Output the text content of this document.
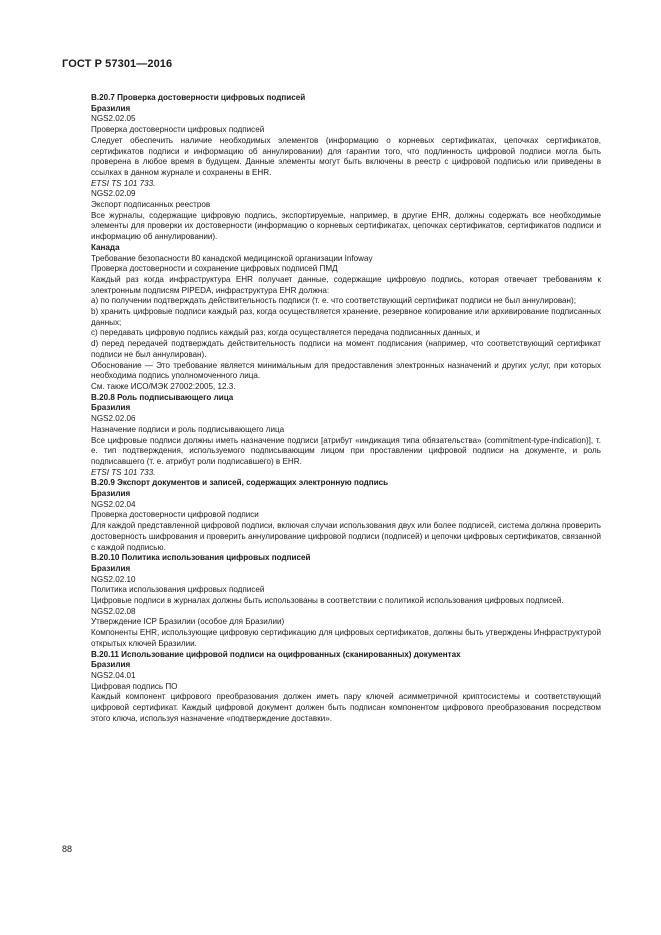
ГОСТ Р 57301—2016

В.20.7 Проверка достоверности цифровых подписей

Бразилия

NGS2.02.05

Проверка достоверности цифровых подписей

Следует обеспечить наличие необходимых элементов (информацию о корневых сертификатах, цепочках сертификатов, сертификатов подписи и информацию об аннулировании) для гарантии того, что подлинность цифровой подписи могла быть проверена в любое время в будущем. Данные элементы могут быть включены в реестр с цифровой подписью или приведены в ссылках в данном журнале и сохранены в EHR.

ETSI TS 101 733.

NGS2.02.09

Экспорт подписанных реестров

Все журналы, содержащие цифровую подпись, экспортируемые, например, в другие EHR, должны содержать все необходимые элементы для проверки их достоверности (информацию о корневых сертификатах, цепочках сертификатов, сертификатов подписи и информацию об аннулировании).

Канада

Требование безопасности 80 канадской медицинской организации Infoway

Проверка достоверности и сохранение цифровых подписей ПМД

Каждый раз когда инфраструктура EHR получает данные, содержащие цифровую подпись, которая отвечает требованиям к электронным подписям PIPEDA, инфраструктура EHR должна:

a) по получении подтверждать действительность подписи (т. е. что соответствующий сертификат подписи не был аннулирован);

b) хранить цифровые подписи каждый раз, когда осуществляется хранение, резервное копирование или архивирование подписанных данных;

c) передавать цифровую подпись каждый раз, когда осуществляется передача подписанных данных, и

d) перед передачей подтверждать действительность подписи на момент подписания (например, что соответствующий сертификат подписи не был аннулирован).

Обоснование — Это требование является минимальным для предоставления электронных назначений и других услуг, при которых необходима подпись уполномоченного лица.

См. также ИСО/МЭК 27002:2005, 12.3.

В.20.8 Роль подписывающего лица

Бразилия

NGS2.02.06

Назначение подписи и роль подписывающего лица

Все цифровые подписи должны иметь назначение подписи [атрибут «индикация типа обязательства» (commitment-type-indication)], т. е. тип подтверждения, используемого подписывающим лицом при проставлении цифровой подписи на документе, и роль подписавшего (т. е. атрибут роли подписавшего) в EHR.

ETSI TS 101 733.

В.20.9 Экспорт документов и записей, содержащих электронную подпись

Бразилия

NGS2.02.04

Проверка достоверности цифровой подписи

Для каждой представленной цифровой подписи, включая случаи использования двух или более подписей, система должна проверить достоверность шифрования и проверить аннулирование цифровой подписи (подписей) и цепочки цифровых сертификатов, связанной с каждой подписью.

В.20.10 Политика использования цифровых подписей

Бразилия

NGS2.02.10

Политика использования цифровых подписей

Цифровые подписи в журналах должны быть использованы в соответствии с политикой использования цифровых подписей.

NGS2.02.08

Утверждение ICP Бразилии (особое для Бразилии)

Компоненты EHR, использующие цифровую сертификацию для цифровых сертификатов, должны быть утверждены Инфраструктурой открытых ключей Бразилии.

В.20.11 Использование цифровой подписи на оцифрованных (сканированных) документах

Бразилия

NGS2.04.01

Цифровая подпись ПО

Каждый компонент цифрового преобразования должен иметь пару ключей асимметричной криптосистемы и соответствующий цифровой сертификат. Каждый цифровой документ должен быть подписан компонентом цифрового преобразования посредством этого ключа, используя назначение «подтверждение доставки».

88
